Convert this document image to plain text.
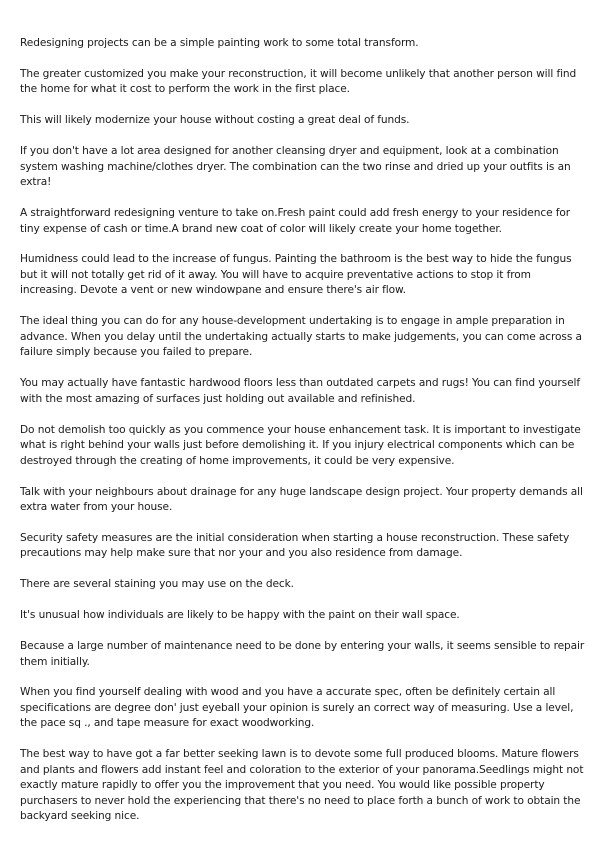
Redesigning projects can be a simple painting work to some total transform.

The greater customized you make your reconstruction, it will become unlikely that another person will find the home for what it cost to perform the work in the first place.

This will likely modernize your house without costing a great deal of funds.

If you don't have a lot area designed for another cleansing dryer and equipment, look at a combination system washing machine/clothes dryer. The combination can the two rinse and dried up your outfits is an extra!

A straightforward redesigning venture to take on.Fresh paint could add fresh energy to your residence for tiny expense of cash or time.A brand new coat of color will likely create your home together.

Humidness could lead to the increase of fungus. Painting the bathroom is the best way to hide the fungus but it will not totally get rid of it away. You will have to acquire preventative actions to stop it from increasing. Devote a vent or new windowpane and ensure there's air flow.

The ideal thing you can do for any house-development undertaking is to engage in ample preparation in advance. When you delay until the undertaking actually starts to make judgements, you can come across a failure simply because you failed to prepare.

You may actually have fantastic hardwood floors less than outdated carpets and rugs! You can find yourself with the most amazing of surfaces just holding out available and refinished.

Do not demolish too quickly as you commence your house enhancement task. It is important to investigate what is right behind your walls just before demolishing it. If you injury electrical components which can be destroyed through the creating of home improvements, it could be very expensive.

Talk with your neighbours about drainage for any huge landscape design project. Your property demands all extra water from your house.

Security safety measures are the initial consideration when starting a house reconstruction. These safety precautions may help make sure that nor your and you also residence from damage.

There are several staining you may use on the deck.

It's unusual how individuals are likely to be happy with the paint on their wall space.

Because a large number of maintenance need to be done by entering your walls, it seems sensible to repair them initially.

When you find yourself dealing with wood and you have a accurate spec, often be definitely certain all specifications are degree don' just eyeball your opinion is surely an correct way of measuring. Use a level, the pace sq ., and tape measure for exact woodworking.

The best way to have got a far better seeking lawn is to devote some full produced blooms. Mature flowers and plants and flowers add instant feel and coloration to the exterior of your panorama.Seedlings might not exactly mature rapidly to offer you the improvement that you need. You would like possible property purchasers to never hold the experiencing that there's no need to place forth a bunch of work to obtain the backyard seeking nice.
